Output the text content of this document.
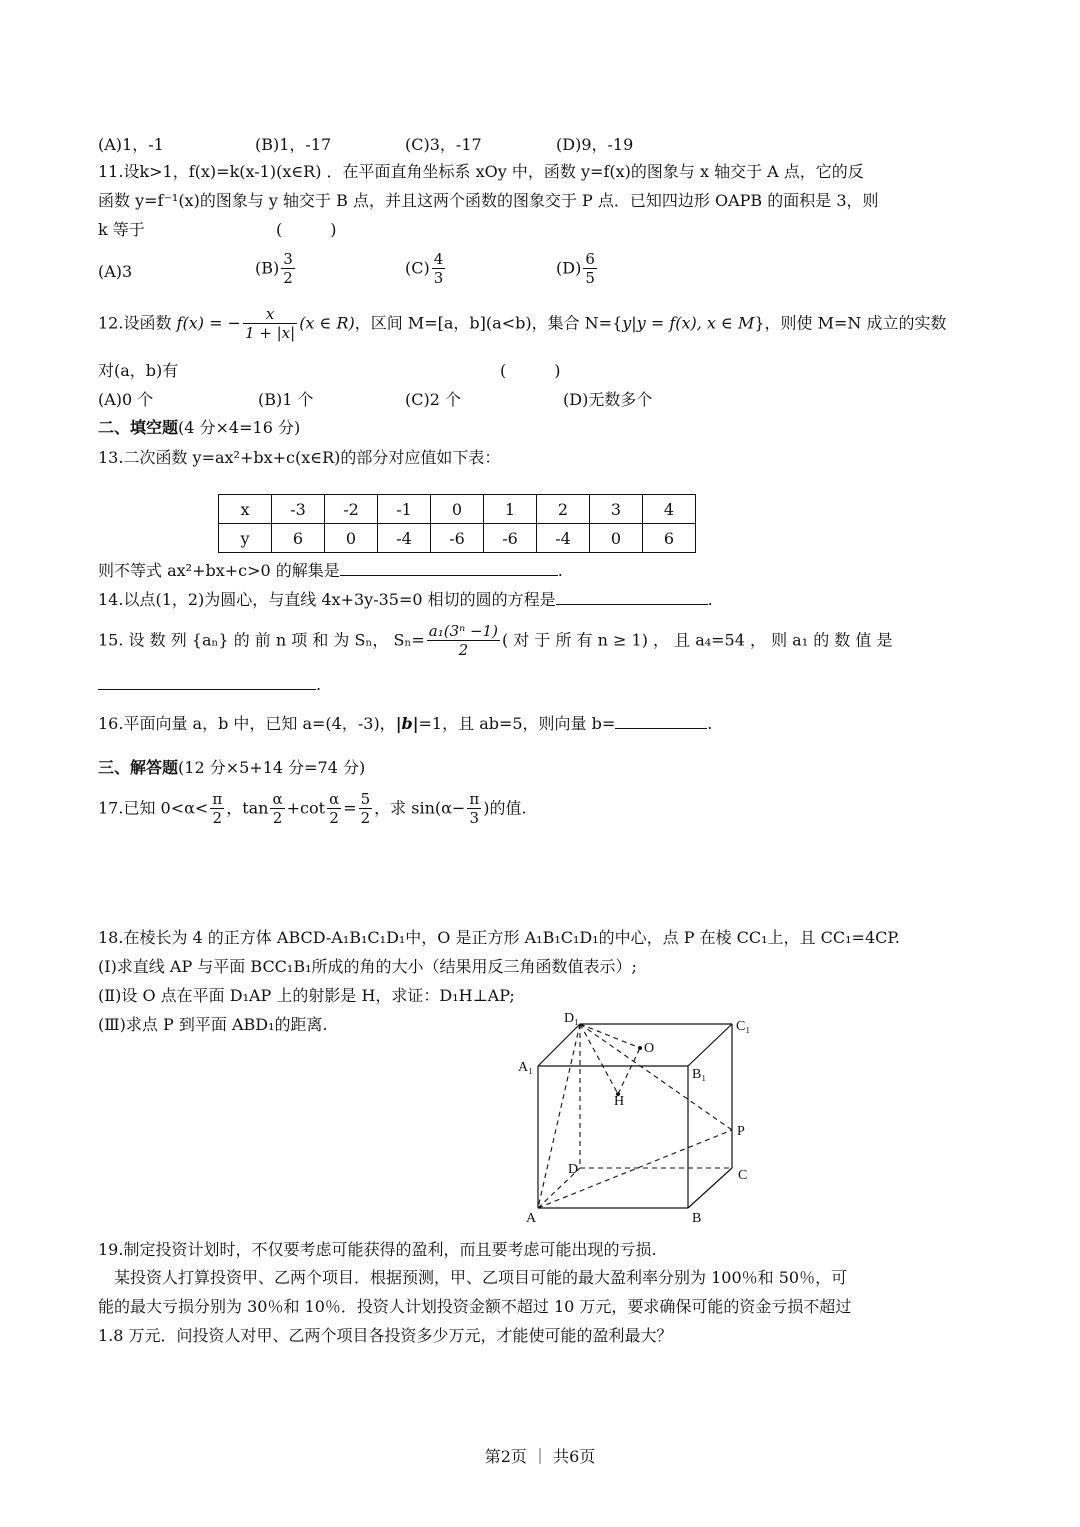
(A)1，-1	(B)1，-17	(C)3，-17	(D)9，-19
11.设k>1，f(x)=k(x-1)(x∈R) ．在平面直角坐标系 xOy 中，函数 y=f(x)的图象与 x 轴交于 A 点，它的反
函数 y=f⁻¹(x)的图象与 y 轴交于 B 点，并且这两个函数的图象交于 P 点．已知四边形 OAPB 的面积是 3，则
k 等于	(　　　)
(A)3	$(B) \frac{3}{2}$	$(C) \frac{4}{3}$	$(D) \frac{6}{5}$
12.设函数 f(x) = − $\frac{x}{1 + |x|} (x$ ∈ R)，区间 M=[a，b](a<b)，集合 N={y|y = f(x), x ∈ M}，则使 M=N 成立的实数
对(a，b)有	(　　　)
(A)0 个	(B)1 个	(C)2 个	(D)无数多个
二、填空题(4 分×4=16 分)
13.二次函数 y=ax²+bx+c(x∈R)的部分对应值如下表：
x	-3	-2	-1	0	1	2	3	4
y	6	0	-4	-6	-6	-4	0	6
则不等式 ax²+bx+c>0 的解集是	.
14.以点(1，2)为圆心，与直线 4x+3y-35=0 相切的圆的方程是	.
15. 设 数 列 {aₙ} 的 前 n 项 和 为 Sₙ， $S_n= \frac{\text{a₁(3ⁿ −1)}}{2}$ ( 对 于 所 有 n ≥ 1) ， 且 a₄=54 ， 则 a₁ 的 数 值 是
.
16.平面向量 a，b 中，已知 a=(4，-3)，|b|=1，且 ab=5，则向量 b=	.
三、解答题(12 分×5+14 分=74 分)
17.已知 $0<\alpha< \frac{\pi}{2}$ ，$\tan \frac{\alpha}{2} +\cot \frac{\alpha}{2} = \frac{5}{2}$ ，求 $\sin(\alpha- \frac{\pi}{3}$ )的值.
18.在棱长为 4 的正方体 ABCD-A₁B₁C₁D₁中，O 是正方形 A₁B₁C₁D₁的中心，点 P 在棱 CC₁上，且 CC₁=4CP.
(Ⅰ)求直线 AP 与平面 BCC₁B₁所成的角的大小（结果用反三角函数值表示）;
(Ⅱ)设 O 点在平面 D₁AP 上的射影是 H，求证：D₁H⊥AP;
(Ⅲ)求点 P 到平面 ABD₁的距离.	D₁
C₁
A₁	B₁
O
H
P
D	C
A	B
19.制定投资计划时，不仅要考虑可能获得的盈利，而且要考虑可能出现的亏损.
　某投资人打算投资甲、乙两个项目．根据预测，甲、乙项目可能的最大盈利率分别为 100％和 50％，可
能的最大亏损分别为 30％和 10％．投资人计划投资金额不超过 10 万元，要求确保可能的资金亏损不超过
1.8 万元．问投资人对甲、乙两个项目各投资多少万元，才能使可能的盈利最大？
第2页 ｜ 共6页
